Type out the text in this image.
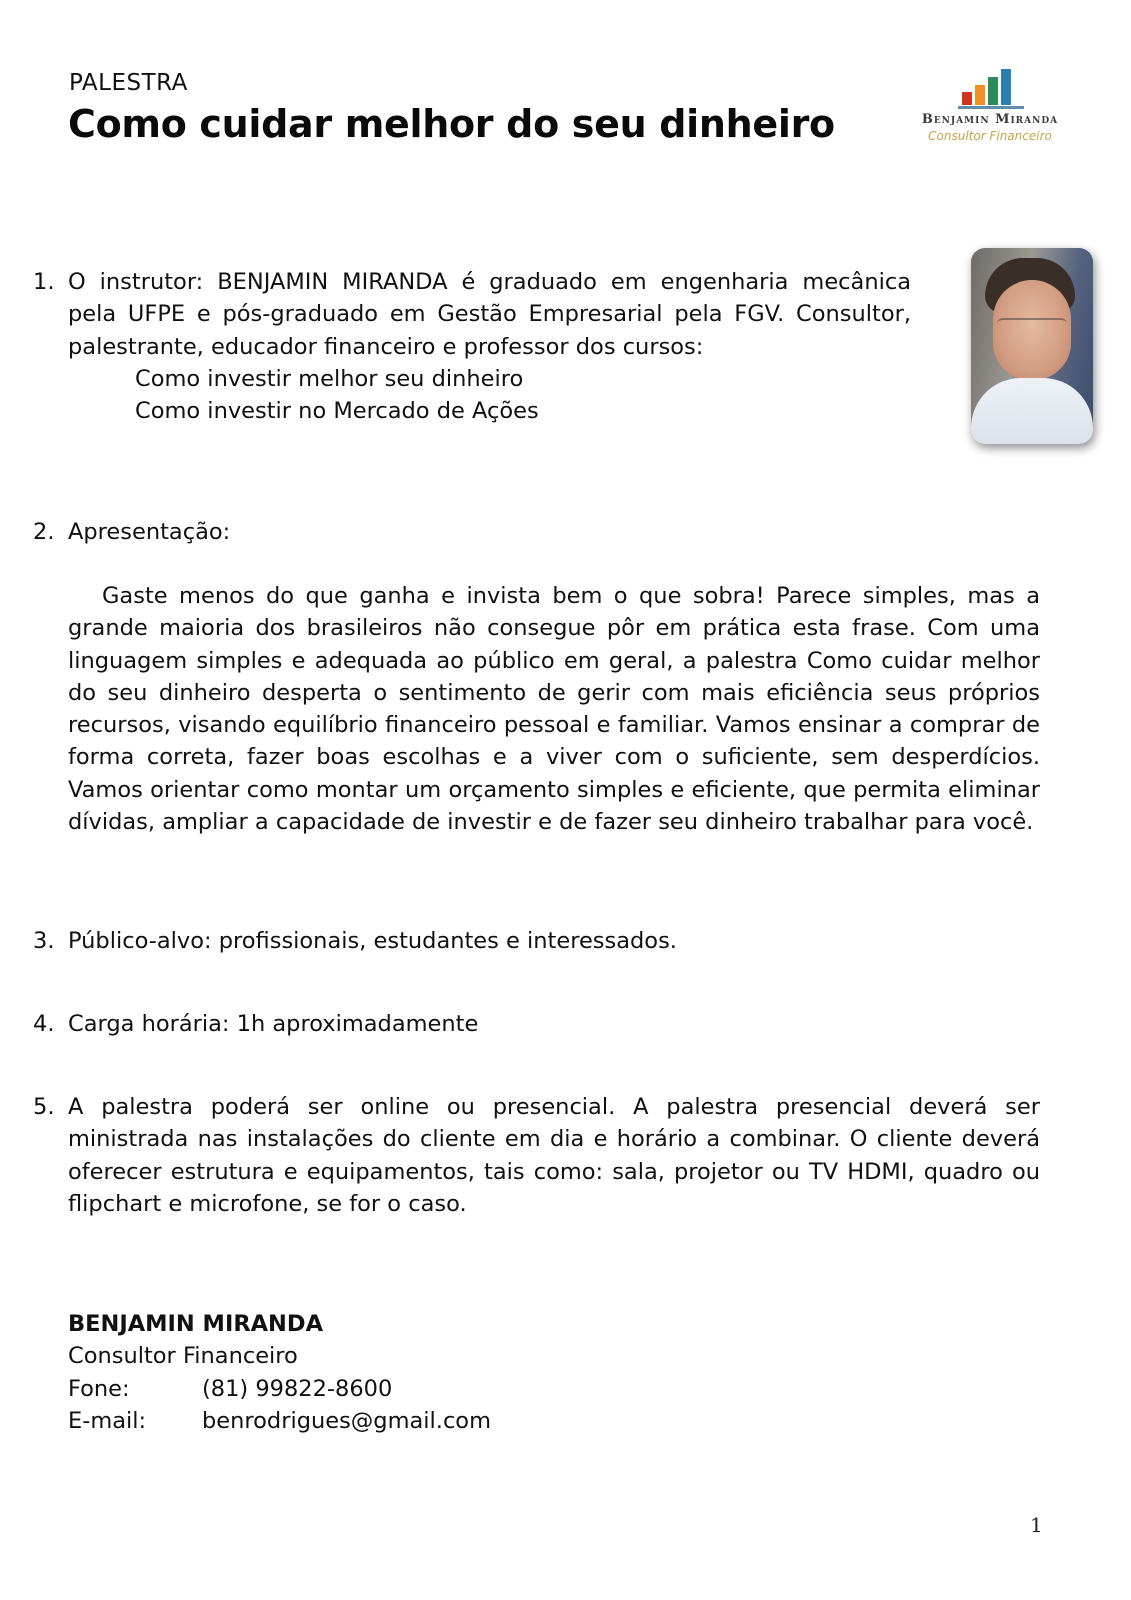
PALESTRA
Como cuidar melhor do seu dinheiro	Benjamin Miranda
Consultor Financeiro
1. O instrutor: BENJAMIN MIRANDA é graduado em engenharia mecânica pela UFPE e pós-graduado em Gestão Empresarial pela FGV. Consultor, palestrante, educador financeiro e professor dos cursos:
Como investir melhor seu dinheiro
Como investir no Mercado de Ações
2. Apresentação:

Gaste menos do que ganha e invista bem o que sobra! Parece simples, mas a grande maioria dos brasileiros não consegue pôr em prática esta frase. Com uma linguagem simples e adequada ao público em geral, a palestra Como cuidar melhor do seu dinheiro desperta o sentimento de gerir com mais eficiência seus próprios recursos, visando equilíbrio financeiro pessoal e familiar. Vamos ensinar a comprar de forma correta, fazer boas escolhas e a viver com o suficiente, sem desperdícios. Vamos orientar como montar um orçamento simples e eficiente, que permita eliminar dívidas, ampliar a capacidade de investir e de fazer seu dinheiro trabalhar para você.

3. Público-alvo: profissionais, estudantes e interessados.
4. Carga horária: 1h aproximadamente
5. A palestra poderá ser online ou presencial. A palestra presencial deverá ser ministrada nas instalações do cliente em dia e horário a combinar. O cliente deverá oferecer estrutura e equipamentos, tais como: sala, projetor ou TV HDMI, quadro ou flipchart e microfone, se for o caso.
BENJAMIN MIRANDA
Consultor Financeiro
Fone:	(81) 99822-8600
E-mail: benrodrigues@gmail.com
1
